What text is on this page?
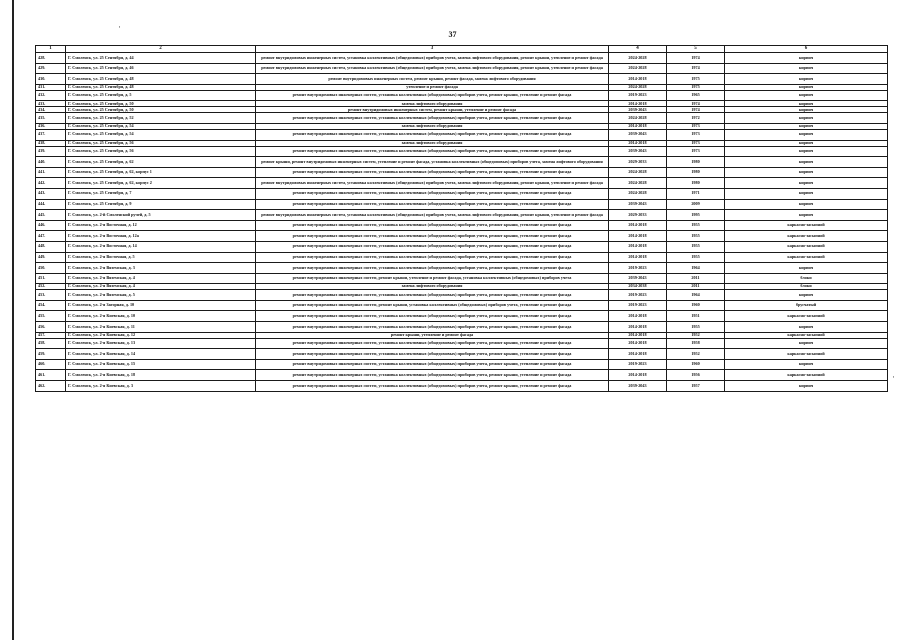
·
·
37
1	2	3	4	5	6
428.	Г. Смоленск, ул. 25 Сентября, д. 44	ремонт внутридомовых инженерных систем, установка коллективных (общедомовых) приборов учета, замена лифтового оборудования, ремонт крыши, утепление и ремонт фасада	2024-2028	1974	кирпич
429.	Г. Смоленск, ул. 25 Сентября, д. 46	ремонт внутридомовых инженерных систем, установка коллективных (общедомовых) приборов учета, замена лифтового оборудования, ремонт крыши, утепление и ремонт фасада	2024-2028	1974	кирпич
430.	Г. Смоленск, ул. 25 Сентября, д. 48	ремонт внутридомовых инженерных систем, ремонт крыши, ремонт фасада, замена лифтового оборудования	2014-2018	1975	кирпич
431.	Г. Смоленск, ул. 25 Сентября, д. 48	утепление и ремонт фасада	2024-2028	1975	кирпич
432.	Г. Смоленск, ул. 25 Сентября, д. 5	ремонт внутридомовых инженерных систем, установка коллективных (общедомовых) приборов учета, ремонт крыши, утепление и ремонт фасада	2019-2023	1965	кирпич
433.	Г. Смоленск, ул. 25 Сентября, д. 50	замена лифтового оборудования	2014-2018	1974	кирпич
434.	Г. Смоленск, ул. 25 Сентября, д. 50	ремонт внутридомовых инженерных систем, ремонт крыши, утепление и ремонт фасада	2039-2043	1974	кирпич
435.	Г. Смоленск, ул. 25 Сентября, д. 52	ремонт внутридомовых инженерных систем, установка коллективных (общедомовых) приборов учета, ремонт крыши, утепление и ремонт фасада	2024-2028	1972	кирпич
436.	Г. Смоленск, ул. 25 Сентября, д. 54	замена лифтового оборудования	2014-2018	1973	кирпич
437.	Г. Смоленск, ул. 25 Сентября, д. 54	ремонт внутридомовых инженерных систем, установка коллективных (общедомовых) приборов учета, ремонт крыши, утепление и ремонт фасада	2039-2043	1973	кирпич
438.	Г. Смоленск, ул. 25 Сентября, д. 56	замена лифтового оборудования	2014-2018	1973	кирпич
439.	Г. Смоленск, ул. 25 Сентября, д. 56	ремонт внутридомовых инженерных систем, установка коллективных (общедомовых) приборов учета, ремонт крыши, утепление и ремонт фасада	2039-2043	1973	кирпич
440.	Г. Смоленск, ул. 25 Сентября, д. 62	ремонт крыши, ремонт внутридомовых инженерных систем, утепление и ремонт фасада, установка коллективных (общедомовых) приборов учета, замена лифтового оборудования	2029-2033	1980	кирпич
441.	Г. Смоленск, ул. 25 Сентября, д. 62, корпус 1	ремонт внутридомовых инженерных систем, установка коллективных (общедомовых) приборов учета, ремонт крыши, утепление и ремонт фасада	2024-2028	1980	кирпич
442.	Г. Смоленск, ул. 25 Сентября, д. 62, корпус 2	ремонт внутридомовых инженерных систем, установка коллективных (общедомовых) приборов учета, замена лифтового оборудования, ремонт крыши, утепление и ремонт фасада	2024-2028	1980	кирпич
443.	Г. Смоленск, ул. 25 Сентября, д. 7	ремонт внутридомовых инженерных систем, установка коллективных (общедомовых) приборов учета, ремонт крыши, утепление и ремонт фасада	2024-2028	1971	кирпич
444.	Г. Смоленск, ул. 25 Сентября, д. 9	ремонт внутридомовых инженерных систем, установка коллективных (общедомовых) приборов учета, ремонт крыши, утепление и ремонт фасада	2039-2043	2009	кирпич
445.	Г. Смоленск, ул. 2-й Смоленский ручей, д. 5	ремонт внутридомовых инженерных систем, установка коллективных (общедомовых) приборов учета, замена лифтового оборудования, ремонт крыши, утепление и ремонт фасада	2029-2033	1995	кирпич
446.	Г. Смоленск, ул. 2-я Восточная, д. 12	ремонт внутридомовых инженерных систем, установка коллективных (общедомовых) приборов учета, ремонт крыши, утепление и ремонт фасада	2014-2018	1955	каркасно-засыпной
447.	Г. Смоленск, ул. 2-я Восточная, д. 12а	ремонт внутридомовых инженерных систем, установка коллективных (общедомовых) приборов учета, ремонт крыши, утепление и ремонт фасада	2014-2018	1955	каркасно-засыпной
448.	Г. Смоленск, ул. 2-я Восточная, д. 14	ремонт внутридомовых инженерных систем, установка коллективных (общедомовых) приборов учета, ремонт крыши, утепление и ремонт фасада	2014-2018	1955	каркасно-засыпной
449.	Г. Смоленск, ул. 2-я Восточная, д. 5	ремонт внутридомовых инженерных систем, установка коллективных (общедомовых) приборов учета, ремонт крыши, утепление и ремонт фасада	2014-2018	1955	каркасно-засыпной
450.	Г. Смоленск, ул. 2-я Вяземская, д. 3	ремонт внутридомовых инженерных систем, установка коллективных (общедомовых) приборов учета, ремонт крыши, утепление и ремонт фасада	2019-2023	1964	кирпич
451.	Г. Смоленск, ул. 2-я Вяземская, д. 4	ремонт внутридомовых инженерных систем, ремонт крыши, утепление и ремонт фасада, установка коллективных (общедомовых) приборов учета	2039-2043	2011	блоки
452.	Г. Смоленск, ул. 2-я Вяземская, д. 4	замена лифтового оборудования	2034-2038	2011	блоки
453.	Г. Смоленск, ул. 2-я Вяземская, д. 5	ремонт внутридомовых инженерных систем, установка коллективных (общедомовых) приборов учета, ремонт крыши, утепление и ремонт фасада	2019-2023	1964	кирпич
454.	Г. Смоленск, ул. 2-я Загорная, д. 10	ремонт внутридомовых инженерных систем, ремонт крыши, установка коллективных (общедомовых) приборов учета, утепление и ремонт фасада	2019-2023	1960	брусчатый
455.	Г. Смоленск, ул. 2-я Киевская, д. 10	ремонт внутридомовых инженерных систем, установка коллективных (общедомовых) приборов учета, ремонт крыши, утепление и ремонт фасада	2014-2018	1951	каркасно-засыпной
456.	Г. Смоленск, ул. 2-я Киевская, д. 11	ремонт внутридомовых инженерных систем, установка коллективных (общедомовых) приборов учета, ремонт крыши, утепление и ремонт фасада	2014-2018	1955	кирпич
457.	Г. Смоленск, ул. 2-я Киевская, д. 12	ремонт крыши, утепление и ремонт фасада	2014-2018	1952	каркасно-засыпной
458.	Г. Смоленск, ул. 2-я Киевская, д. 13	ремонт внутридомовых инженерных систем, установка коллективных (общедомовых) приборов учета, ремонт крыши, утепление и ремонт фасада	2014-2018	1958	кирпич
459.	Г. Смоленск, ул. 2-я Киевская, д. 14	ремонт внутридомовых инженерных систем, установка коллективных (общедомовых) приборов учета, ремонт крыши, утепление и ремонт фасада	2014-2018	1952	каркасно-засыпной
460.	Г. Смоленск, ул. 2-я Киевская, д. 15	ремонт внутридомовых инженерных систем, установка коллективных (общедомовых) приборов учета, ремонт крыши, утепление и ремонт фасада	2019-2023	1960	кирпич
461.	Г. Смоленск, ул. 2-я Киевская, д. 18	ремонт внутридомовых инженерных систем, установка коллективных (общедомовых) приборов учета, ремонт крыши, утепление и ремонт фасада	2014-2018	1956	каркасно-засыпной
462.	Г. Смоленск, ул. 2-я Киевская, д. 3	ремонт внутридомовых инженерных систем, установка коллективных (общедомовых) приборов учета, ремонт крыши, утепление и ремонт фасада	2039-2043	1957	кирпич
